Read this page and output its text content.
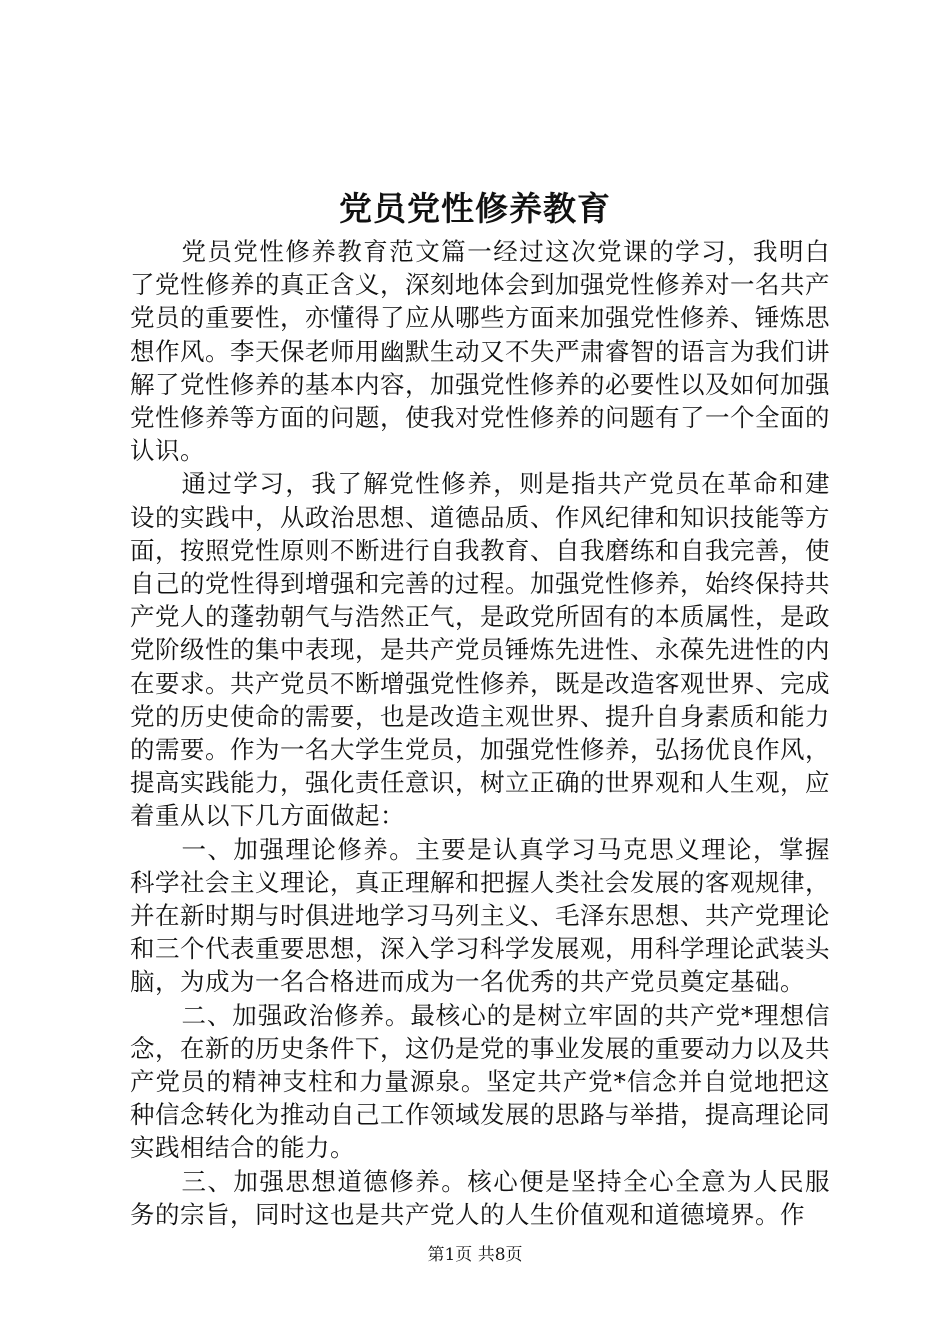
党员党性修养教育

党员党性修养教育范文篇一经过这次党课的学习，我明白了党性修养的真正含义，深刻地体会到加强党性修养对一名共产党员的重要性，亦懂得了应从哪些方面来加强党性修养、锤炼思想作风。李天保老师用幽默生动又不失严肃睿智的语言为我们讲解了党性修养的基本内容，加强党性修养的必要性以及如何加强党性修养等方面的问题，使我对党性修养的问题有了一个全面的认识。

通过学习，我了解党性修养，则是指共产党员在革命和建设的实践中，从政治思想、道德品质、作风纪律和知识技能等方面，按照党性原则不断进行自我教育、自我磨练和自我完善，使自己的党性得到增强和完善的过程。加强党性修养，始终保持共产党人的蓬勃朝气与浩然正气，是政党所固有的本质属性，是政党阶级性的集中表现，是共产党员锤炼先进性、永葆先进性的内在要求。共产党员不断增强党性修养，既是改造客观世界、完成党的历史使命的需要，也是改造主观世界、提升自身素质和能力的需要。作为一名大学生党员，加强党性修养，弘扬优良作风，提高实践能力，强化责任意识，树立正确的世界观和人生观，应着重从以下几方面做起：

一、加强理论修养。主要是认真学习马克思义理论，掌握科学社会主义理论，真正理解和把握人类社会发展的客观规律，并在新时期与时俱进地学习马列主义、毛泽东思想、共产党理论和三个代表重要思想，深入学习科学发展观，用科学理论武装头脑，为成为一名合格进而成为一名优秀的共产党员奠定基础。

二、加强政治修养。最核心的是树立牢固的共产党*理想信念，在新的历史条件下，这仍是党的事业发展的重要动力以及共产党员的精神支柱和力量源泉。坚定共产党*信念并自觉地把这种信念转化为推动自己工作领域发展的思路与举措，提高理论同实践相结合的能力。

三、加强思想道德修养。核心便是坚持全心全意为人民服务的宗旨，同时这也是共产党人的人生价值观和道德境界。作

第1页 共8页
